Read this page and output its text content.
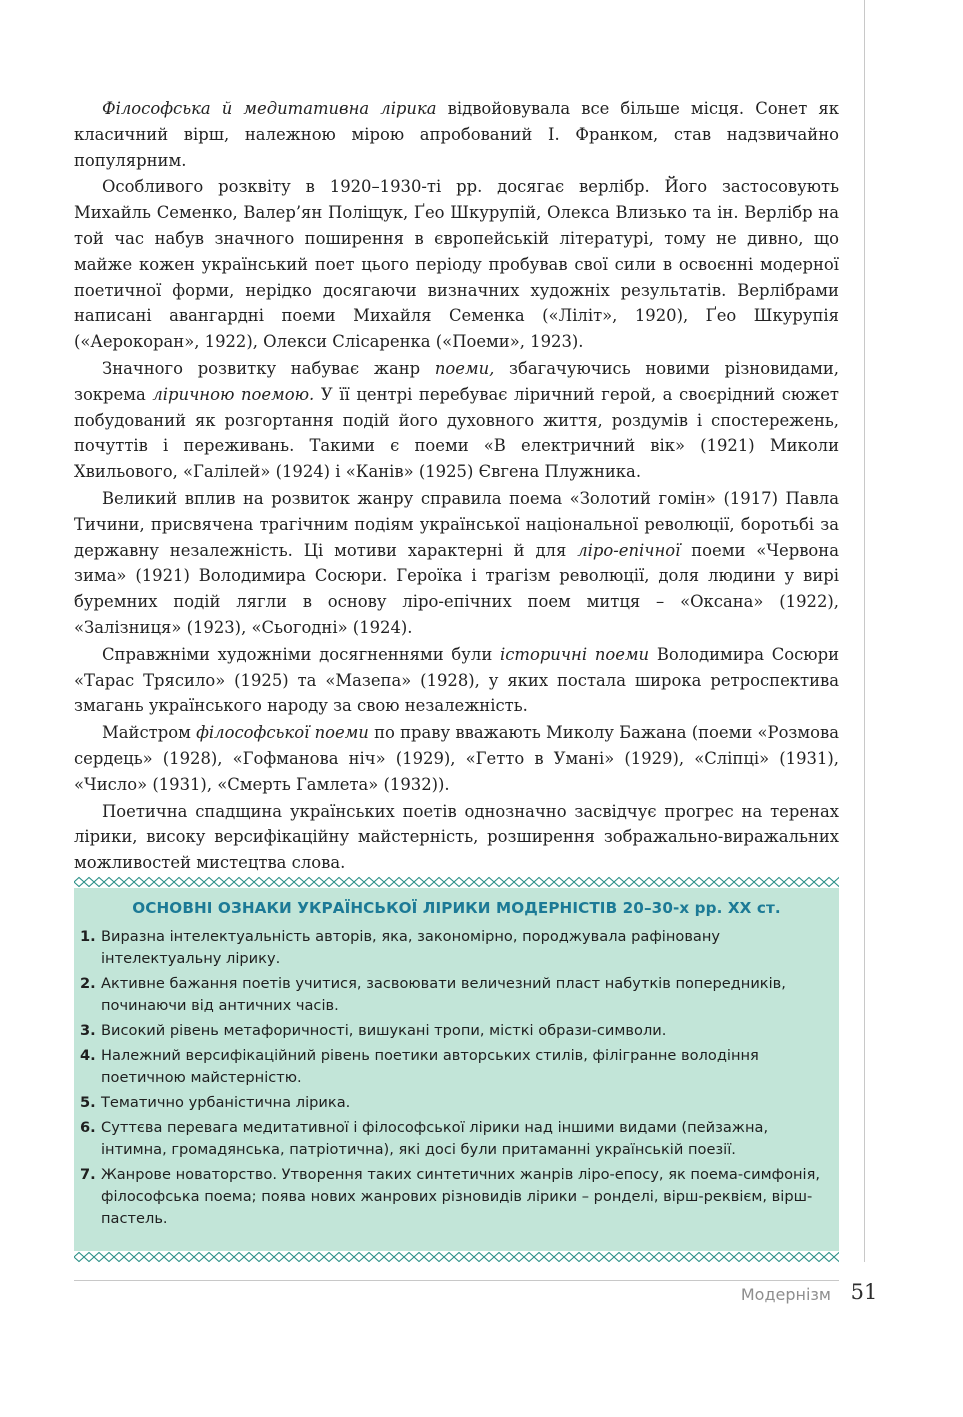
Філософська й медитативна лірика відвойовувала все більше місця. Сонет як класичний вірш, належною мірою апробований І. Франком, став надзвичайно популярним.

Особливого розквіту в 1920–1930-ті рр. досягає верлібр. Його застосовують Михайль Семенко, Валер’ян Поліщук, Ґео Шкурупій, Олекса Влизько та ін. Верлібр на той час набув значного поширення в європейській літературі, тому не дивно, що майже кожен український поет цього періоду пробував свої сили в освоєнні модерної поетичної форми, нерідко досягаючи визначних художніх результатів. Верлібрами написані авангардні поеми Михайля Семенка («Ліліт», 1920), Ґео Шкурупія («Аерокоран», 1922), Олекси Слісаренка («Поеми», 1923).

Значного розвитку набуває жанр поеми, збагачуючись новими різновидами, зокрема ліричною поемою. У її центрі перебуває ліричний герой, а своєрідний сюжет побудований як розгортання подій його духовного життя, роздумів і спостережень, почуттів і переживань. Такими є поеми «В електричний вік» (1921) Миколи Хвильового, «Галілей» (1924) і «Канів» (1925) Євгена Плужника.

Великий вплив на розвиток жанру справила поема «Золотий гомін» (1917) Павла Тичини, присвячена трагічним подіям української національної революції, боротьбі за державну незалежність. Ці мотиви характерні й для ліро-епічної поеми «Червона зима» (1921) Володимира Сосюри. Героїка і трагізм революції, доля людини у вирі буремних подій лягли в основу ліро-епічних поем митця – «Оксана» (1922), «Залізниця» (1923), «Сьогодні» (1924).

Справжніми художніми досягненнями були історичні поеми Володимира Сосюри «Тарас Трясило» (1925) та «Мазепа» (1928), у яких постала широка ретроспектива змагань українського народу за свою незалежність.

Майстром філософської поеми по праву вважають Миколу Бажана (поеми «Розмова сердець» (1928), «Гофманова ніч» (1929), «Гетто в Умані» (1929), «Сліпці» (1931), «Число» (1931), «Смерть Гамлета» (1932)).

Поетична спадщина українських поетів однозначно засвідчує прогрес на теренах лірики, високу версифікаційну майстерність, розширення зображально-виражальних можливостей мистецтва слова.

ОСНОВНІ ОЗНАКИ УКРАЇНСЬКОЇ ЛІРИКИ МОДЕРНІСТІВ 20–30-х рр. ХХ ст.
1. Виразна інтелектуальність авторів, яка, закономірно, породжувала рафіновану інтелектуальну лірику.
2. Активне бажання поетів учитися, засвоювати величезний пласт набутків попередників, починаючи від античних часів.
3. Високий рівень метафоричності, вишукані тропи, місткі образи-символи.
4. Належний версифікаційний рівень поетики авторських стилів, філігранне володіння поетичною майстерністю.
5. Тематично урбаністична лірика.
6. Суттєва перевага медитативної і філософської лірики над іншими видами (пейзажна, інтимна, громадянська, патріотична), які досі були притаманні українській поезії.
7. Жанрове новаторство. Утворення таких синтетичних жанрів ліро-епосу, як поема-симфонія, філософська поема; поява нових жанрових різновидів лірики – ронделі, вірш-реквієм, вірш-пастель.
Модернізм 51
